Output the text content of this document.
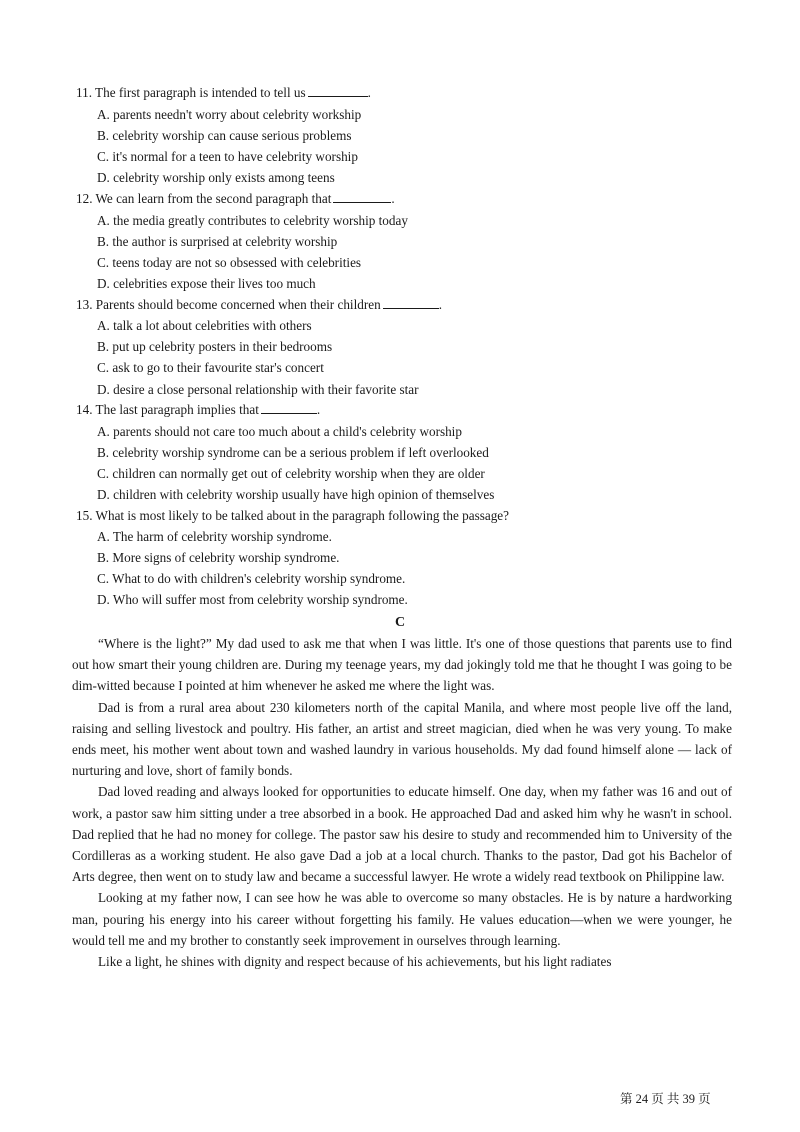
11. The first paragraph is intended to tell us	.
A. parents needn't worry about celebrity workship
B. celebrity worship can cause serious problems
C. it's normal for a teen to have celebrity worship
D. celebrity worship only exists among teens
12. We can learn from the second paragraph that	.
A. the media greatly contributes to celebrity worship today
B. the author is surprised at celebrity worship
C. teens today are not so obsessed with celebrities
D. celebrities expose their lives too much
13. Parents should become concerned when their children	.
A. talk a lot about celebrities with others
B. put up celebrity posters in their bedrooms
C. ask to go to their favourite star's concert
D. desire a close personal relationship with their favorite star
14. The last paragraph implies that	.
A. parents should not care too much about a child's celebrity worship
B. celebrity worship syndrome can be a serious problem if left overlooked
C. children can normally get out of celebrity worship when they are older
D. children with celebrity worship usually have high opinion of themselves
15. What is most likely to be talked about in the paragraph following the passage?
A. The harm of celebrity worship syndrome.
B. More signs of celebrity worship syndrome.
C. What to do with children's celebrity worship syndrome.
D. Who will suffer most from celebrity worship syndrome.
C

“Where is the light?” My dad used to ask me that when I was little. It's one of those questions that parents use to find out how smart their young children are. During my teenage years, my dad jokingly told me that he thought I was going to be dim-witted because I pointed at him whenever he asked me where the light was.

Dad is from a rural area about 230 kilometers north of the capital Manila, and where most people live off the land, raising and selling livestock and poultry. His father, an artist and street magician, died when he was very young. To make ends meet, his mother went about town and washed laundry in various households. My dad found himself alone — lack of nurturing and love, short of family bonds.

Dad loved reading and always looked for opportunities to educate himself. One day, when my father was 16 and out of work, a pastor saw him sitting under a tree absorbed in a book. He approached Dad and asked him why he wasn't in school. Dad replied that he had no money for college. The pastor saw his desire to study and recommended him to University of the Cordilleras as a working student. He also gave Dad a job at a local church. Thanks to the pastor, Dad got his Bachelor of Arts degree, then went on to study law and became a successful lawyer. He wrote a widely read textbook on Philippine law.

Looking at my father now, I can see how he was able to overcome so many obstacles. He is by nature a hardworking man, pouring his energy into his career without forgetting his family. He values education—when we were younger, he would tell me and my brother to constantly seek improvement in ourselves through learning.

Like a light, he shines with dignity and respect because of his achievements, but his light radiates

第 24 页 共 39 页
